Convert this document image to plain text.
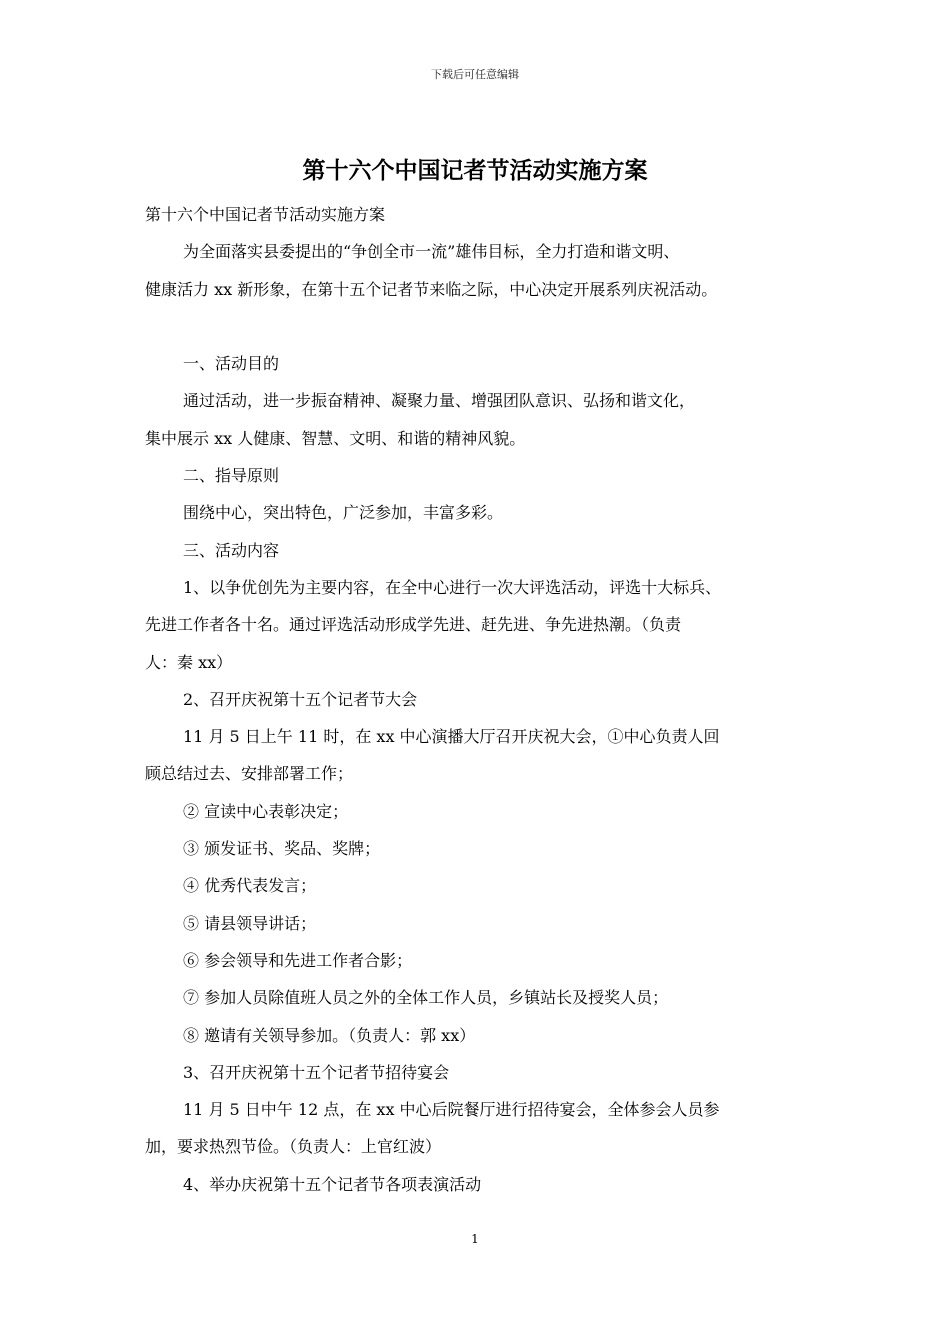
下载后可任意编辑
第十六个中国记者节活动实施方案

第十六个中国记者节活动实施方案

为全面落实县委提出的“争创全市一流”雄伟目标，全力打造和谐文明、

健康活力 xx 新形象，在第十五个记者节来临之际，中心决定开展系列庆祝活动。

一、活动目的

通过活动，进一步振奋精神、凝聚力量、增强团队意识、弘扬和谐文化，

集中展示 xx 人健康、智慧、文明、和谐的精神风貌。

二、指导原则

围绕中心，突出特色，广泛参加，丰富多彩。

三、活动内容

1、以争优创先为主要内容，在全中心进行一次大评选活动，评选十大标兵、

先进工作者各十名。通过评选活动形成学先进、赶先进、争先进热潮。（负责

人：秦 xx）

2、召开庆祝第十五个记者节大会

11 月 5 日上午 11 时，在 xx 中心演播大厅召开庆祝大会，①中心负责人回

顾总结过去、安排部署工作；

② 宣读中心表彰决定；

③ 颁发证书、奖品、奖牌；

④ 优秀代表发言；

⑤ 请县领导讲话；

⑥ 参会领导和先进工作者合影；

⑦ 参加人员除值班人员之外的全体工作人员，乡镇站长及授奖人员；

⑧ 邀请有关领导参加。（负责人：郭 xx）

3、召开庆祝第十五个记者节招待宴会

11 月 5 日中午 12 点，在 xx 中心后院餐厅进行招待宴会，全体参会人员参

加，要求热烈节俭。（负责人：上官红波）

4、举办庆祝第十五个记者节各项表演活动

1
